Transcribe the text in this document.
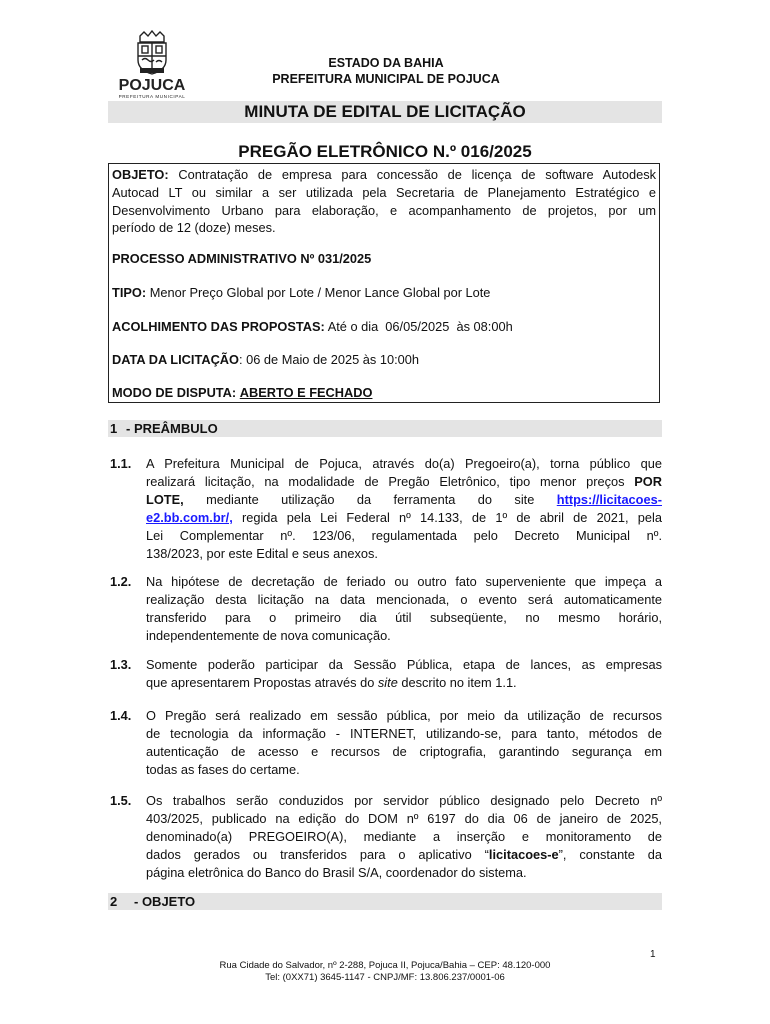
POJUCA
PREFEITURA MUNICIPAL
ESTADO DA BAHIA
PREFEITURA MUNICIPAL DE POJUCA
MINUTA DE EDITAL DE LICITAÇÃO
PREGÃO ELETRÔNICO N.º 016/2025
OBJETO: Contratação de empresa para concessão de licença de software Autodesk
Autocad LT ou similar a ser utilizada pela Secretaria de Planejamento Estratégico e
Desenvolvimento Urbano para elaboração, e acompanhamento de projetos, por um
período de 12 (doze) meses.
PROCESSO ADMINISTRATIVO Nº 031/2025
TIPO: Menor Preço Global por Lote / Menor Lance Global por Lote
ACOLHIMENTO DAS PROPOSTAS: Até o dia  06/05/2025  às 08:00h
DATA DA LICITAÇÃO: 06 de Maio de 2025 às 10:00h
MODO DE DISPUTA: ABERTO E FECHADO
1 - PREÂMBULO
1.1. A Prefeitura Municipal de Pojuca, através do(a) Pregoeiro(a), torna público que
realizará licitação, na modalidade de Pregão Eletrônico, tipo menor preços POR
LOTE, mediante utilização da ferramenta do site https://licitacoes-
e2.bb.com.br/, regida pela Lei Federal nº 14.133, de 1º de abril de 2021, pela
Lei Complementar nº. 123/06, regulamentada pelo Decreto Municipal nº.
138/2023, por este Edital e seus anexos.
1.2. Na hipótese de decretação de feriado ou outro fato superveniente que impeça a
realização desta licitação na data mencionada, o evento será automaticamente
transferido para o primeiro dia útil subseqüente, no mesmo horário,
independentemente de nova comunicação.
1.3. Somente poderão participar da Sessão Pública, etapa de lances, as empresas
que apresentarem Propostas através do site descrito no item 1.1.
1.4. O Pregão será realizado em sessão pública, por meio da utilização de recursos
de tecnologia da informação - INTERNET, utilizando-se, para tanto, métodos de
autenticação de acesso e recursos de criptografia, garantindo segurança em
todas as fases do certame.
1.5. Os trabalhos serão conduzidos por servidor público designado pelo Decreto nº
403/2025, publicado na edição do DOM nº 6197 do dia 06 de janeiro de 2025,
denominado(a) PREGOEIRO(A), mediante a inserção e monitoramento de
dados gerados ou transferidos para o aplicativo “licitacoes-e”, constante da
página eletrônica do Banco do Brasil S/A, coordenador do sistema.
2 - OBJETO
1
Rua Cidade do Salvador, nº 2-288, Pojuca II, Pojuca/Bahia – CEP: 48.120-000
Tel: (0XX71) 3645-1147 - CNPJ/MF: 13.806.237/0001-06
